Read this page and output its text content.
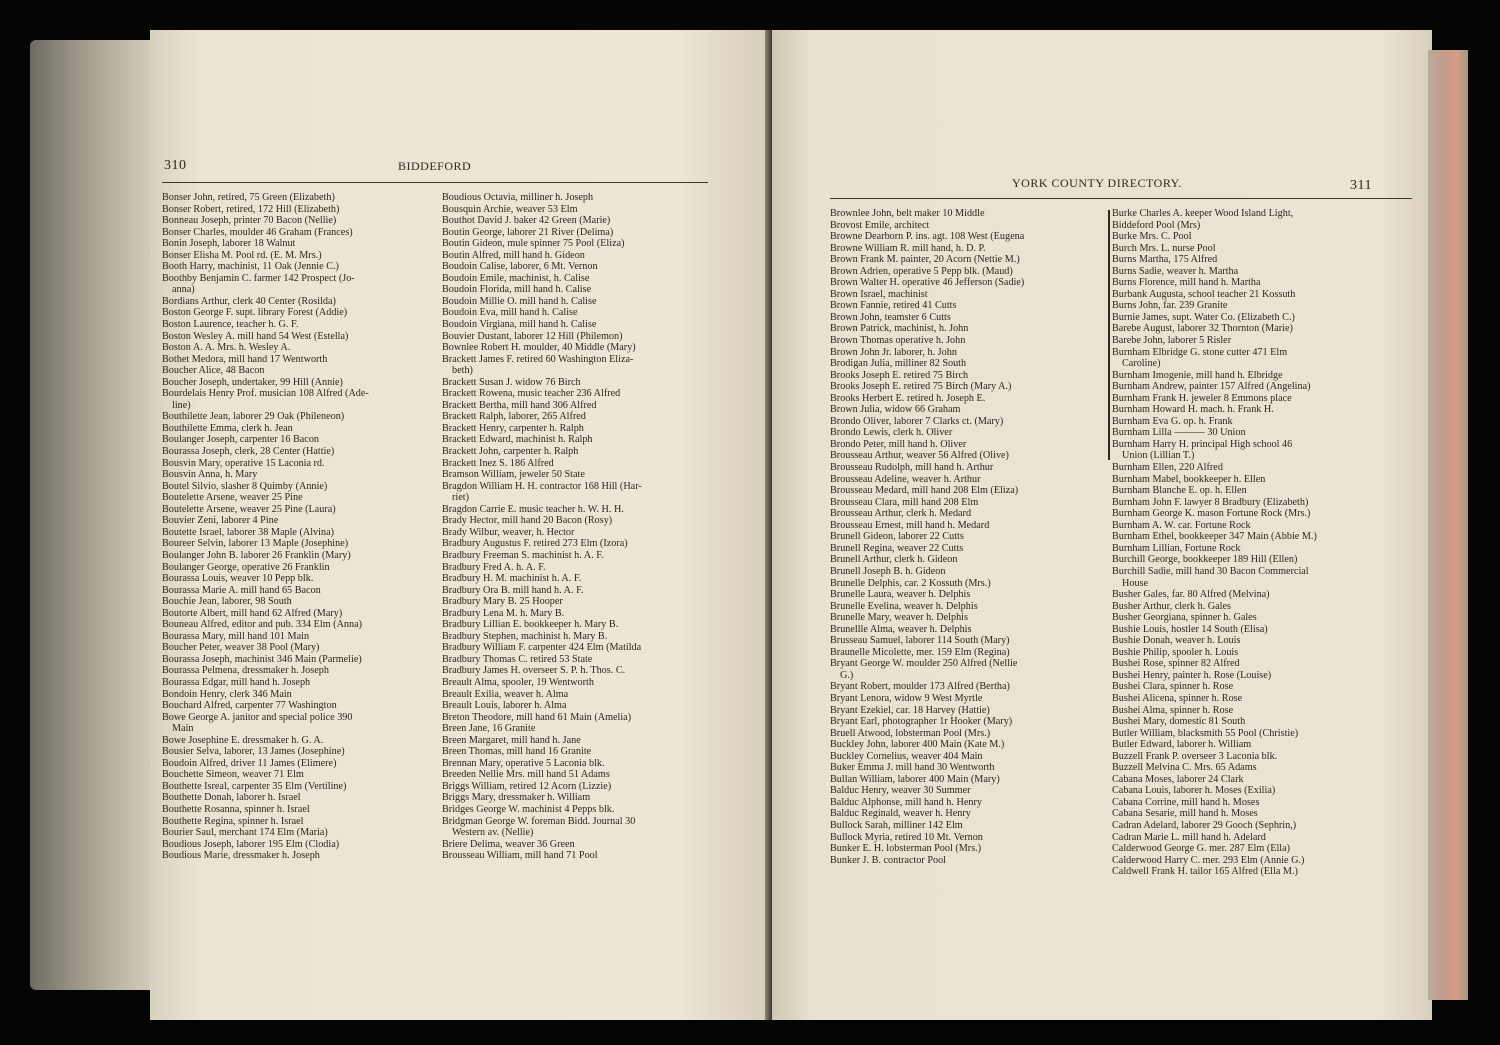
310	BIDDEFORD
Bonser John, retired, 75 Green (Elizabeth)
Bonser Robert, retired, 172 Hill (Elizabeth)
Bonneau Joseph, printer 70 Bacon (Nellie)
Bonser Charles, moulder 46 Graham (Frances)
Bonin Joseph, laborer 18 Walnut
Bonser Elisha M. Pool rd. (E. M. Mrs.)
Booth Harry, machinist, 11 Oak (Jennie C.)
Boothby Benjamin C. farmer 142 Prospect (Jo-
anna)
Bordians Arthur, clerk 40 Center (Rosilda)
Boston George F. supt. library Forest (Addie)
Boston Laurence, teacher h. G. F.
Boston Wesley A. mill hand 54 West (Estella)
Boston A. A. Mrs. h. Wesley A.
Bothet Medora, mill hand 17 Wentworth
Boucher Alice, 48 Bacon
Boucher Joseph, undertaker, 99 Hill (Annie)
Bourdelais Henry Prof. musician 108 Alfred (Ade-
line)
Bouthilette Jean, laborer 29 Oak (Phileneon)
Bouthilette Emma, clerk h. Jean
Boulanger Joseph, carpenter 16 Bacon
Bourassa Joseph, clerk, 28 Center (Hattie)
Bousvin Mary, operative 15 Laconia rd.
Bousvin Anna, h. Mary
Boutel Silvio, slasher 8 Quimby (Annie)
Boutelette Arsene, weaver 25 Pine
Boutelette Arsene, weaver 25 Pine (Laura)
Bouvier Zeni, laborer 4 Pine
Boutette Israel, laborer 38 Maple (Alvina)
Boureer Selvin, laborer 13 Maple (Josephine)
Boulanger John B. laborer 26 Franklin (Mary)
Boulanger George, operative 26 Franklin
Bourassa Louis, weaver 10 Pepp blk.
Bourassa Marie A. mill hand 65 Bacon
Bouchie Jean, laborer, 98 South
Boutorte Albert, mill hand 62 Alfred (Mary)
Bouneau Alfred, editor and pub. 334 Elm (Anna)
Bourassa Mary, mill hand 101 Main
Boucher Peter, weaver 38 Pool (Mary)
Bourassa Joseph, machinist 346 Main (Parmelie)
Bourassa Pelmena, dressmaker h. Joseph
Bourassa Edgar, mill hand h. Joseph
Bondoin Henry, clerk 346 Main
Bouchard Alfred, carpenter 77 Washington
Bowe George A. janitor and special police 390
Main
Bowe Josephine E. dressmaker h. G. A.
Bousier Selva, laborer, 13 James (Josephine)
Boudoin Alfred, driver 11 James (Elimere)
Bouchette Simeon, weaver 71 Elm
Bouthette Isreal, carpenter 35 Elm (Vertiline)
Bouthette Donah, laborer h. Israel
Bouthette Rosanna, spinner h. Israel
Bouthette Regina, spinner h. Israel
Bourier Saul, merchant 174 Elm (Maria)
Boudious Joseph, laborer 195 Elm (Clodia)
Boudious Marie, dressmaker h. Joseph
Boudious Octavia, milliner h. Joseph
Bousquin Archie, weaver 53 Elm
Bouthot David J. baker 42 Green (Marie)
Boutin George, laborer 21 River (Delima)
Boutin Gideon, mule spinner 75 Pool (Eliza)
Boutin Alfred, mill hand h. Gideon
Boudoin Calise, laborer, 6 Mt. Vernon
Boudoin Emile, machinist, h. Calise
Boudoin Florida, mill hand h. Calise
Boudoin Millie O. mill hand h. Calise
Boudoin Eva, mill hand h. Calise
Boudoin Virgiana, mill hand h. Calise
Bouvier Dustant, laborer 12 Hill (Philemon)
Bownlee Robert H. moulder, 40 Middle (Mary)
Brackett James F. retired 60 Washington Eliza-
beth)
Brackett Susan J. widow 76 Birch
Brackett Rowena, music teacher 236 Alfred
Brackett Bertha, mill hand 306 Alfred
Brackett Ralph, laborer, 265 Alfred
Brackett Henry, carpenter h. Ralph
Brackett Edward, machinist h. Ralph
Brackett John, carpenter h. Ralph
Brackett Inez S. 186 Alfred
Bramson William, jeweler 50 State
Bragdon William H. H. contractor 168 Hill (Har-
riet)
Bragdon Carrie E. music teacher h. W. H. H.
Brady Hector, mill hand 20 Bacon (Rosy)
Brady Wilbur, weaver, h. Hector
Bradbury Augustus F. retired 273 Elm (Izora)
Bradbury Freeman S. machinist h. A. F.
Bradbury Fred A. h. A. F.
Bradbury H. M. machinist h. A. F.
Bradbury Ora B. mill hand h. A. F.
Bradbury Mary B. 25 Hooper
Bradbury Lena M. h. Mary B.
Bradbury Lillian E. bookkeeper h. Mary B.
Bradbury Stephen, machinist h. Mary B.
Bradbury William F. carpenter 424 Elm (Matilda
Bradbury Thomas C. retired 53 State
Bradbury James H. overseer S. P. h. Thos. C.
Breault Alma, spooler, 19 Wentworth
Breault Exilia, weaver h. Alma
Breault Louis, laborer h. Alma
Breton Theodore, mill hand 61 Main (Amelia)
Breen Jane, 16 Granite
Breen Margaret, mill hand h. Jane
Breen Thomas, mill hand 16 Granite
Brennan Mary, operative 5 Laconia blk.
Breeden Nellie Mrs. mill hand 51 Adams
Briggs William, retired 12 Acorn (Lizzie)
Briggs Mary, dressmaker h. William
Bridges George W. machinist 4 Pepps blk.
Bridgman George W. foreman Bidd. Journal 30
Western av. (Nellie)
Briere Delima, weaver 36 Green
Brousseau William, mill hand 71 Pool
YORK COUNTY DIRECTORY.	311
Brownlee John, belt maker 10 Middle
Brovost Emile, architect
Browne Dearborn P. ins. agt. 108 West (Eugena
Browne William R. mill hand, h. D. P.
Brown Frank M. painter, 20 Acorn (Nettie M.)
Brown Adrien, operative 5 Pepp blk. (Maud)
Brown Walter H. operative 46 Jefferson (Sadie)
Brown Israel, machinist
Brown Fannie, retired 41 Cutts
Brown John, teamster 6 Cutts
Brown Patrick, machinist, h. John
Brown Thomas operative h. John
Brown John Jr. laborer, h. John
Brodigan Julia, milliner 82 South
Brooks Joseph E. retired 75 Birch
Brooks Joseph E. retired 75 Birch (Mary A.)
Brooks Herbert E. retired h. Joseph E.
Brown Julia, widow 66 Graham
Brondo Oliver, laborer 7 Clarks ct. (Mary)
Brondo Lewis, clerk h. Oliver
Brondo Peter, mill hand h. Oliver
Brousseau Arthur, weaver 56 Alfred (Olive)
Brousseau Rudolph, mill hand h. Arthur
Brousseau Adeline, weaver h. Arthur
Brousseau Medard, mill hand 208 Elm (Eliza)
Brousseau Clara, mill hand 208 Elm
Brousseau Arthur, clerk h. Medard
Brousseau Ernest, mill hand h. Medard
Brunell Gideon, laborer 22 Cutts
Brunell Regina, weaver 22 Cutts
Brunell Arthur, clerk h. Gideon
Brunell Joseph B. h. Gideon
Brunelle Delphis, car. 2 Kossuth (Mrs.)
Brunelle Laura, weaver h. Delphis
Brunelle Evelina, weaver h. Delphis
Brunelle Mary, weaver h. Delphis
Brunellle Alma, weaver h. Delphis
Brusseau Samuel, laborer 114 South (Mary)
Braunelle Micolette, mer. 159 Elm (Regina)
Bryant George W. moulder 250 Alfred (Nellie
G.)
Bryant Robert, moulder 173 Alfred (Bertha)
Bryant Lenora, widow 9 West Myrtle
Bryant Ezekiel, car. 18 Harvey (Hattie)
Bryant Earl, photographer 1r Hooker (Mary)
Bruell Atwood, lobsterman Pool (Mrs.)
Buckley John, laborer 400 Main (Kate M.)
Buckley Cornelius, weaver 404 Main
Buker Emma J. mill hand 30 Wentworth
Bullan William, laborer 400 Main (Mary)
Balduc Henry, weaver 30 Summer
Balduc Alphonse, mill hand h. Henry
Balduc Reginald, weaver h. Henry
Bullock Sarah, milliner 142 Elm
Bullock Myria, retired 10 Mt. Vernon
Bunker E. H. lobsterman Pool (Mrs.)
Bunker J. B. contractor Pool
Burke Charles A. keeper Wood Island Light,
Biddeford Pool (Mrs)
Burke Mrs. C. Pool
Burch Mrs. L. nurse Pool
Burns Martha, 175 Alfred
Burns Sadie, weaver h. Martha
Burns Florence, mill hand h. Martha
Burbank Augusta, school teacher 21 Kossuth
Burns John, far. 239 Granite
Burnie James, supt. Water Co. (Elizabeth C.)
Barebe August, laborer 32 Thornton (Marie)
Barebe John, laborer 5 Risler
Burnham Elbridge G. stone cutter 471 Elm
Caroline)
Burnham Imogenie, mill hand h. Elbridge
Burnham Andrew, painter 157 Alfred (Angelina)
Burnham Frank H. jeweler 8 Emmons place
Burnham Howard H. mach. h. Frank H.
Burnham Eva G. op. h. Frank
Burnham Lilla ——— 30 Union
Burnham Harry H. principal High school 46
Union (Lillian T.)
Burnham Ellen, 220 Alfred
Burnham Mabel, bookkeeper h. Ellen
Burnham Blanche E. op. h. Ellen
Burnham John F. lawyer 8 Bradbury (Elizabeth)
Burnham George K. mason Fortune Rock (Mrs.)
Burnham A. W. car. Fortune Rock
Burnham Ethel, bookkeeper 347 Main (Abbie M.)
Burnham Lillian, Fortune Rock
Burchill George, bookkeeper 189 Hill (Ellen)
Burchill Sadie, mill hand 30 Bacon Commercial
House
Busher Gales, far. 80 Alfred (Melvina)
Busher Arthur, clerk h. Gales
Busher Georgiana, spinner h. Gales
Bushie Louis, hostler 14 South (Elisa)
Bushie Donah, weaver h. Louis
Bushie Philip, spooler h. Louis
Bushei Rose, spinner 82 Alfred
Bushei Henry, painter h. Rose (Louise)
Bushei Clara, spinner h. Rose
Bushei Alicena, spinner h. Rose
Bushei Alma, spinner h. Rose
Bushei Mary, domestic 81 South
Butler William, blacksmith 55 Pool (Christie)
Butler Edward, laborer h. William
Buzzell Frank P. overseer 3 Laconia blk.
Buzzell Melvina C. Mrs. 65 Adams
Cabana Moses, laborer 24 Clark
Cabana Louis, laborer h. Moses (Exilia)
Cabana Corrine, mill hand h. Moses
Cabana Sesarie, mill hand h. Moses
Cadran Adelard, laborer 29 Gooch (Sephrin,)
Cadran Marie L. mill hand h. Adelard
Calderwood George G. mer. 287 Elm (Ella)
Calderwood Harry C. mer. 293 Elm (Annie G.)
Caldwell Frank H. tailor 165 Alfred (Ella M.)
